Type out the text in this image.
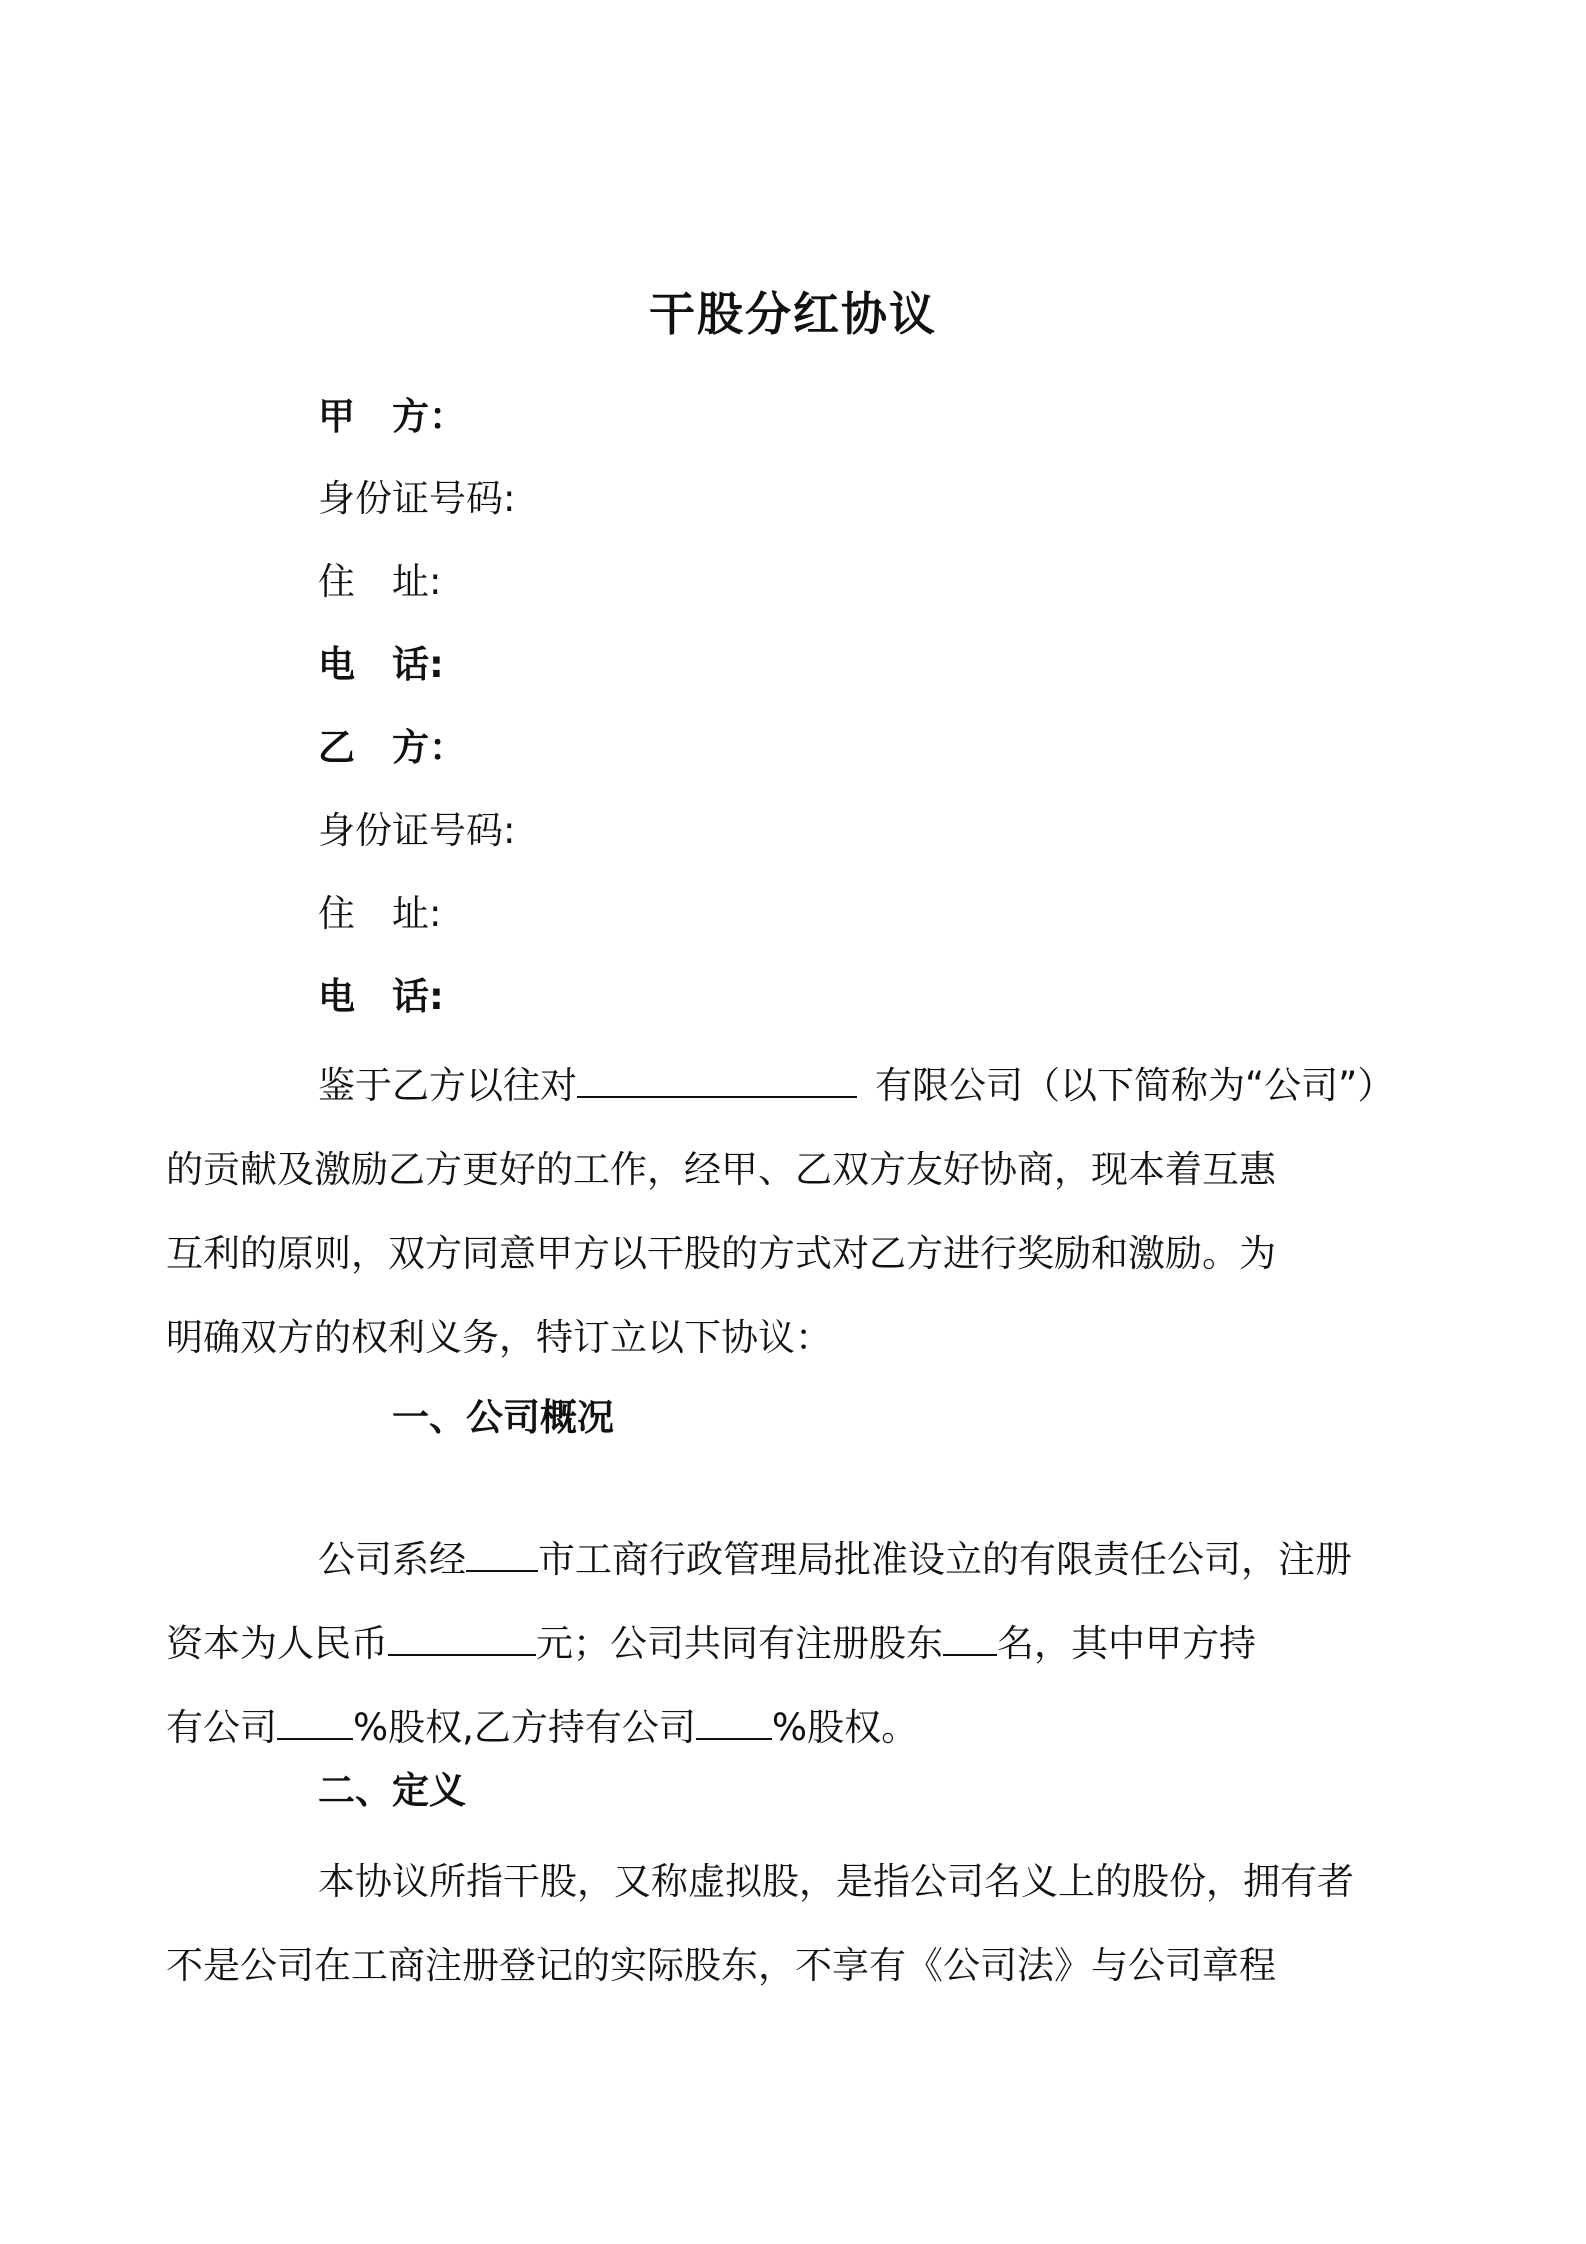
干股分红协议
甲　方：
身份证号码:
住　址:
电　话:
乙　方：
身份证号码:
住　址:
电　话:
鉴于乙方以往对	有限公司（以下简称为“公司”）
的贡献及激励乙方更好的工作，经甲、乙双方友好协商，现本着互惠
互利的原则，双方同意甲方以干股的方式对乙方进行奖励和激励。为
明确双方的权利义务，特订立以下协议：
一、公司概况
公司系经 市工商行政管理局批准设立的有限责任公司，注册
资本为人民币	元；公司共同有注册股东 名，其中甲方持
有公司 %股权,乙方持有公司 %股权。
二、定义
本协议所指干股，又称虚拟股，是指公司名义上的股份，拥有者
不是公司在工商注册登记的实际股东，不享有《公司法》与公司章程
